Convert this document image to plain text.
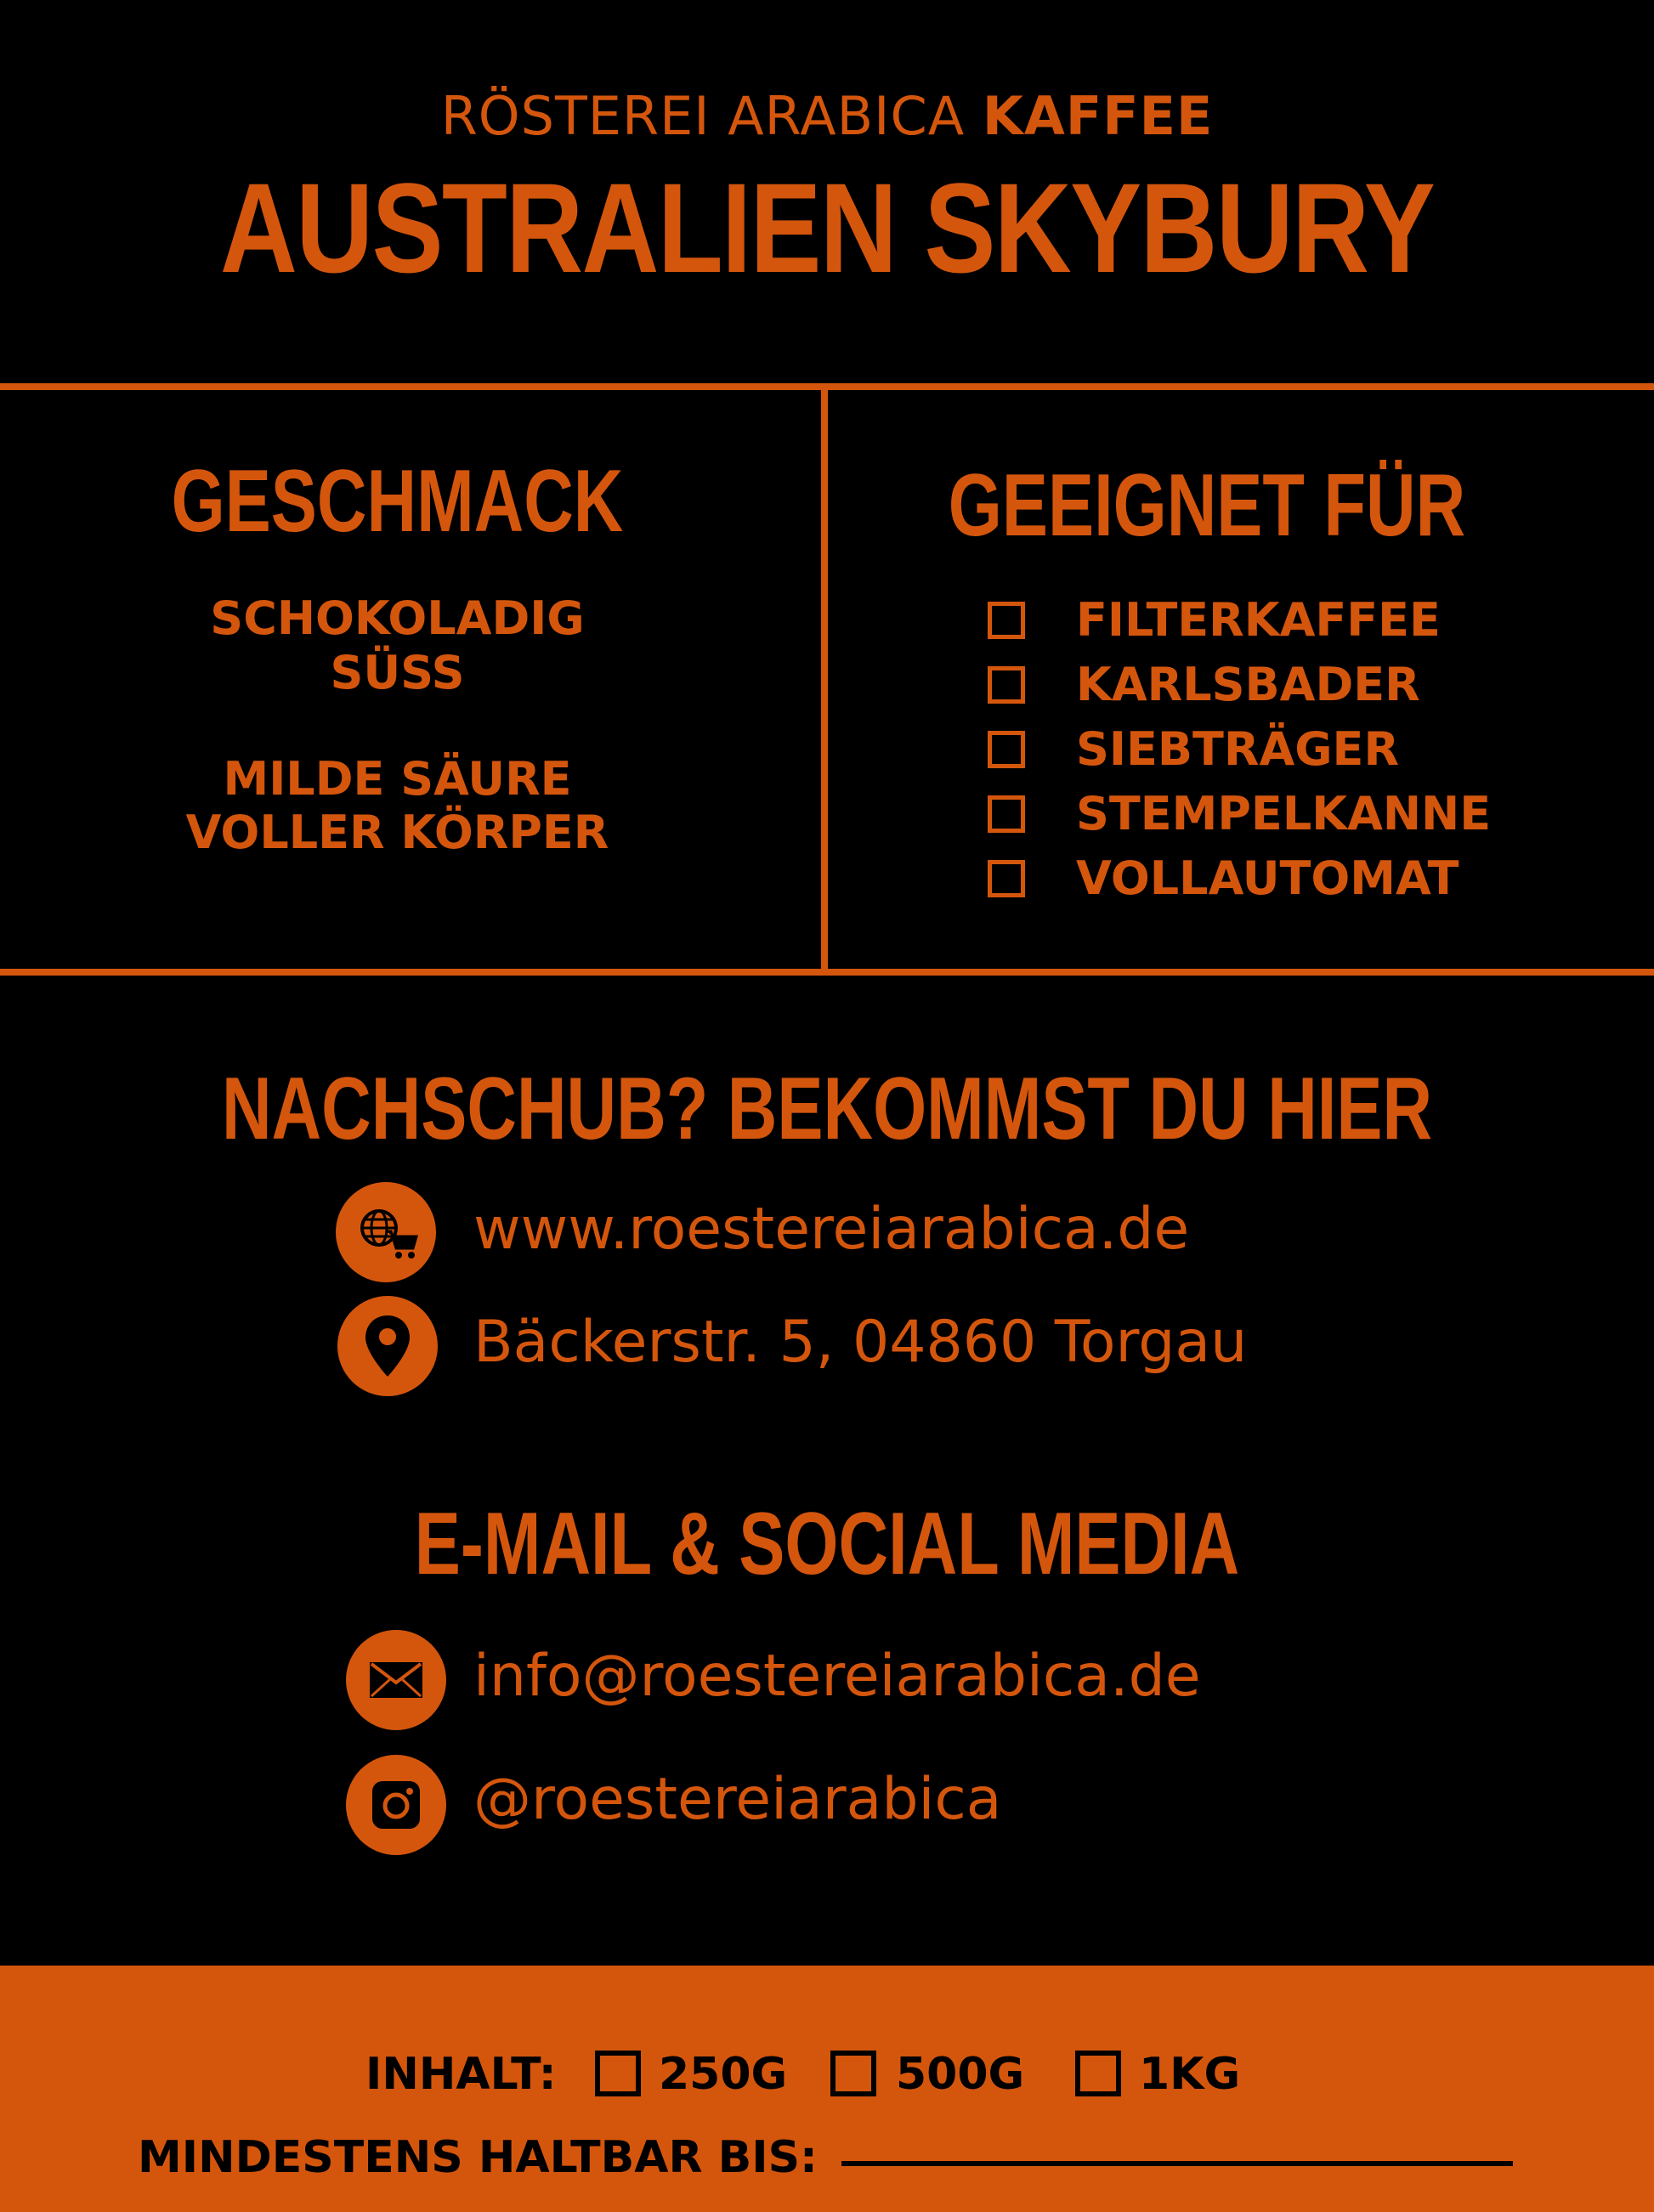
RÖSTEREI ARABICA KAFFEE
AUSTRALIEN SKYBURY
GESCHMACK
SCHOKOLADIG
SÜSS
MILDE SÄURE
VOLLER KÖRPER
GEEIGNET FÜR
FILTERKAFFEE
KARLSBADER
SIEBTRÄGER
STEMPELKANNE
VOLLAUTOMAT
NACHSCHUB? BEKOMMST DU HIER
www.roestereiarabica.de
Bäckerstr. 5, 04860 Torgau
E-MAIL & SOCIAL MEDIA
info@roestereiarabica.de
@roestereiarabica
INHALT: 250G 500G	1KG
MINDESTENS HALTBAR BIS:
